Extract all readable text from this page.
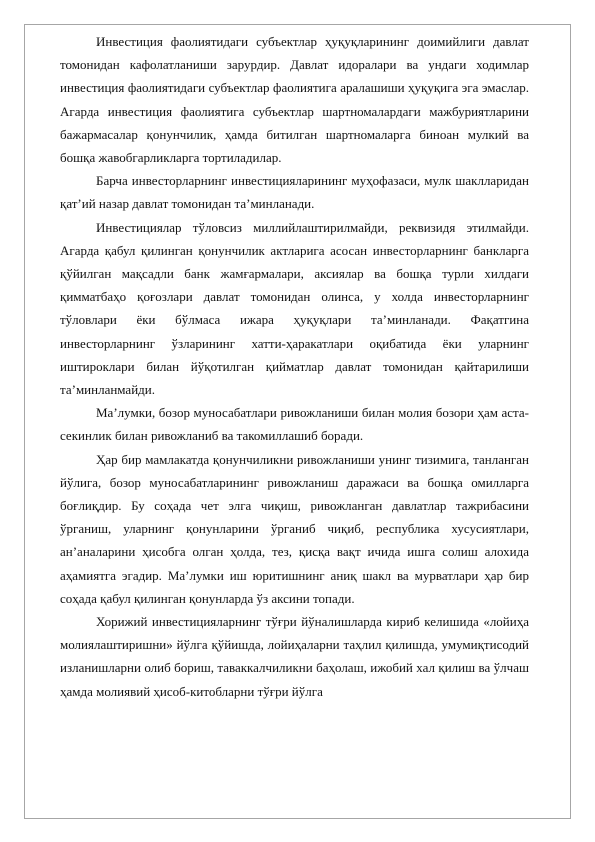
Инвестиция фаолиятидаги субъектлар ҳуқуқларининг доимийлиги давлат томонидан кафолатланиши зарурдир. Давлат идоралари ва ундаги ходимлар инвестиция фаолиятидаги субъектлар фаолиятига аралашиши ҳуқуқига эга эмаслар. Агарда инвестиция фаолиятига субъектлар шартномалардаги мажбуриятларини бажармасалар қонунчилик, ҳамда битилган шартномаларга биноан мулкий ва бошқа жавобгарликларга тортиладилар.

Барча инвесторларнинг инвестицияларининг муҳофазаси, мулк шаклларидан қат’ий назар давлат томонидан та’минланади.

Инвестициялар тўловсиз миллийлаштирилмайди, реквизидя этилмайди. Агарда қабул қилинган қонунчилик актларига асосан инвесторларнинг банкларга қўйилган мақсадли банк жамғармалари, аксиялар ва бошқа турли хилдаги қимматбаҳо қоғозлари давлат томонидан олинса, у холда инвесторларнинг тўловлари ёки бўлмаса ижара ҳуқуқлари та’минланади. Фақатгина инвесторларнинг ўзларининг хатти-ҳаракатлари оқибатида ёки уларнинг иштироклари билан йўқотилган қийматлар давлат томонидан қайтарилиши та’минланмайди.

Ма’лумки, бозор муносабатлари ривожланиши билан молия бозори ҳам аста-секинлик билан ривожланиб ва такомиллашиб боради.

Ҳар бир мамлакатда қонунчиликни ривожланиши унинг тизимига, танланган йўлига, бозор муносабатларининг ривожланиш даражаси ва бошқа омилларга боғлиқдир. Бу соҳада чет элга чиқиш, ривожланган давлатлар тажрибасини ўрганиш, уларнинг қонунларини ўрганиб чиқиб, республика хусусиятлари, ан’аналарини ҳисобга олган ҳолда, тез, қисқа вақт ичида ишга солиш алохида аҳамиятга эгадир. Ма’лумки иш юритишнинг аниқ шакл ва мурватлари ҳар бир соҳада қабул қилинган қонунларда ўз аксини топади.

Хорижий инвестицияларнинг тўғри йўналишларда кириб келишида «лойиҳа молиялаштиришни» йўлга қўйишда, лойиҳаларни таҳлил қилишда, умумиқтисодий изланишларни олиб бориш, таваккалчиликни баҳолаш, ижобий хал қилиш ва ўлчаш ҳамда молиявий ҳисоб-китобларни тўғри йўлга
